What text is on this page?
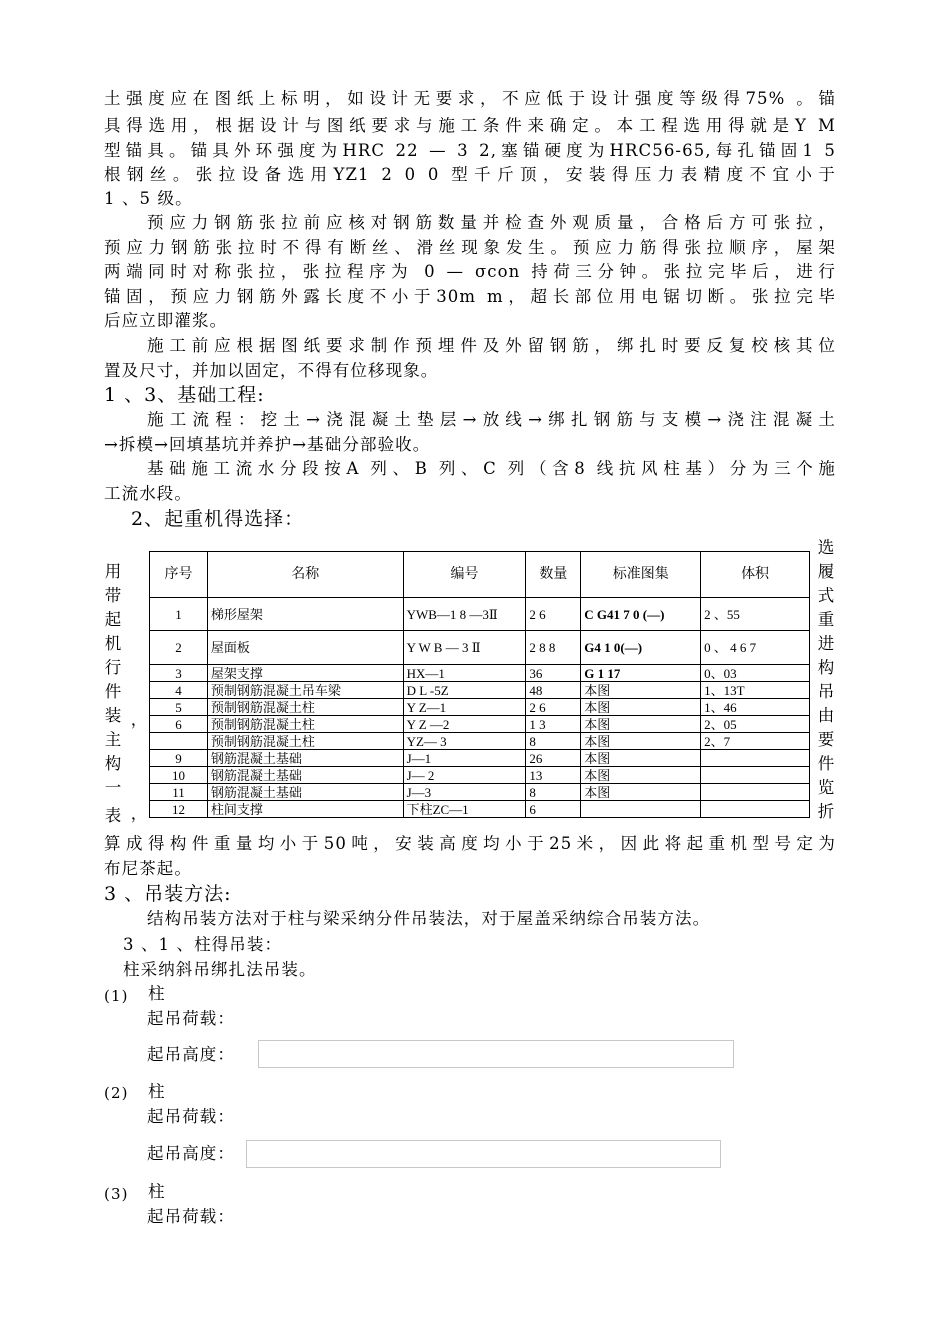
土强度应在图纸上标明，如设计无要求，不应低于设计强度等级得75% 。锚
具得选用，根据设计与图纸要求与施工条件来确定。本工程选用得就是Y M
型锚具。锚具外环强度为HRC 22 — 3 2,塞锚硬度为HRC56-65,每孔锚固1 5
根钢丝。张拉设备选用YZ1 2 0 0 型千斤顶，安装得压力表精度不宜小于
1 、5 级。
预应力钢筋张拉前应核对钢筋数量并检查外观质量，合格后方可张拉，
预应力钢筋张拉时不得有断丝、滑丝现象发生。预应力筋得张拉顺序，屋架
两端同时对称张拉，张拉程序为 0 — σcon 持荷三分钟。张拉完毕后，进行
锚固，预应力钢筋外露长度不小于30m m，超长部位用电锯切断。张拉完毕
后应立即灌浆。
施工前应根据图纸要求制作预埋件及外留钢筋，绑扎时要反复校核其位
置及尺寸，并加以固定，不得有位移现象。
1 、3、基础工程:
施工流程：挖土→浇混凝土垫层→放线→绑扎钢筋与支模→浇注混凝土
→拆模→回填基坑并养护→基础分部验收。
基础施工流水分段按A 列、B 列、C 列（含8 线抗风柱基）分为三个施
工流水段。
2、起重机得选择：
用
带
起
机
行
件
装 ，
主
构
一
表 ，
选
履
式
重
进
构
吊
由
要
件
览
折
序号	名称	编号	数量	标准图集	体积
1	梯形屋架	YWB—1 8 —3Ⅱ	2 6	C G41 7 0 (—)	2 、55
2	屋面板	Y W B — 3 Ⅱ	2 8 8	G4 1 0(—)	0 、 4 6 7
3	屋架支撑	HX—1	36	G 1 17	0、03
4	预制钢筋混凝土吊车梁	D L -5Z	48	本图	1、13T
5	预制钢筋混凝土柱	Y Z—1	2 6	本图	1、46
6	预制钢筋混凝土柱	Y Z —2	1 3	本图	2、05
	预制钢筋混凝土柱	YZ— 3	8	本图	2、7
9	钢筋混凝土基础	J—1	26	本图	
10	钢筋混凝土基础	J— 2	13	本图	
11	钢筋混凝土基础	J—3	8	本图	
12	柱间支撑	下柱ZC—1	6		
算成得构件重量均小于50吨，安装高度均小于25米，因此将起重机型号定为
布尼茶起。
3 、吊装方法:
结构吊装方法对于柱与梁采纳分件吊装法，对于屋盖采纳综合吊装方法。
3 、1 、柱得吊装：
柱采纳斜吊绑扎法吊装。
(1) 柱
起吊荷载：
起吊高度：
(2) 柱
起吊荷载：
起吊高度：
(3) 柱
起吊荷载：
